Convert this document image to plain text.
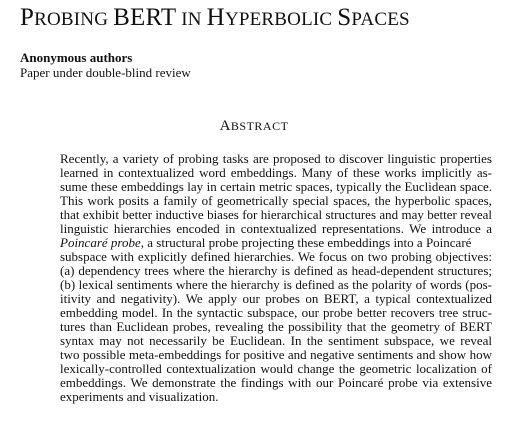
PROBING BERT IN HYPERBOLIC SPACES
Anonymous authors
Paper under double-blind review
ABSTRACT
Recently, a variety of probing tasks are proposed to discover linguistic properties
learned in contextualized word embeddings. Many of these works implicitly as-
sume these embeddings lay in certain metric spaces, typically the Euclidean space.
This work posits a family of geometrically special spaces, the hyperbolic spaces,
that exhibit better inductive biases for hierarchical structures and may better reveal
linguistic hierarchies encoded in contextualized representations. We introduce a
Poincaré probe, a structural probe projecting these embeddings into a Poincaré
subspace with explicitly defined hierarchies. We focus on two probing objectives:
(a) dependency trees where the hierarchy is defined as head-dependent structures;
(b) lexical sentiments where the hierarchy is defined as the polarity of words (pos-
itivity and negativity). We apply our probes on BERT, a typical contextualized
embedding model. In the syntactic subspace, our probe better recovers tree struc-
tures than Euclidean probes, revealing the possibility that the geometry of BERT
syntax may not necessarily be Euclidean. In the sentiment subspace, we reveal
two possible meta-embeddings for positive and negative sentiments and show how
lexically-controlled contextualization would change the geometric localization of
embeddings. We demonstrate the findings with our Poincaré probe via extensive
experiments and visualization.
